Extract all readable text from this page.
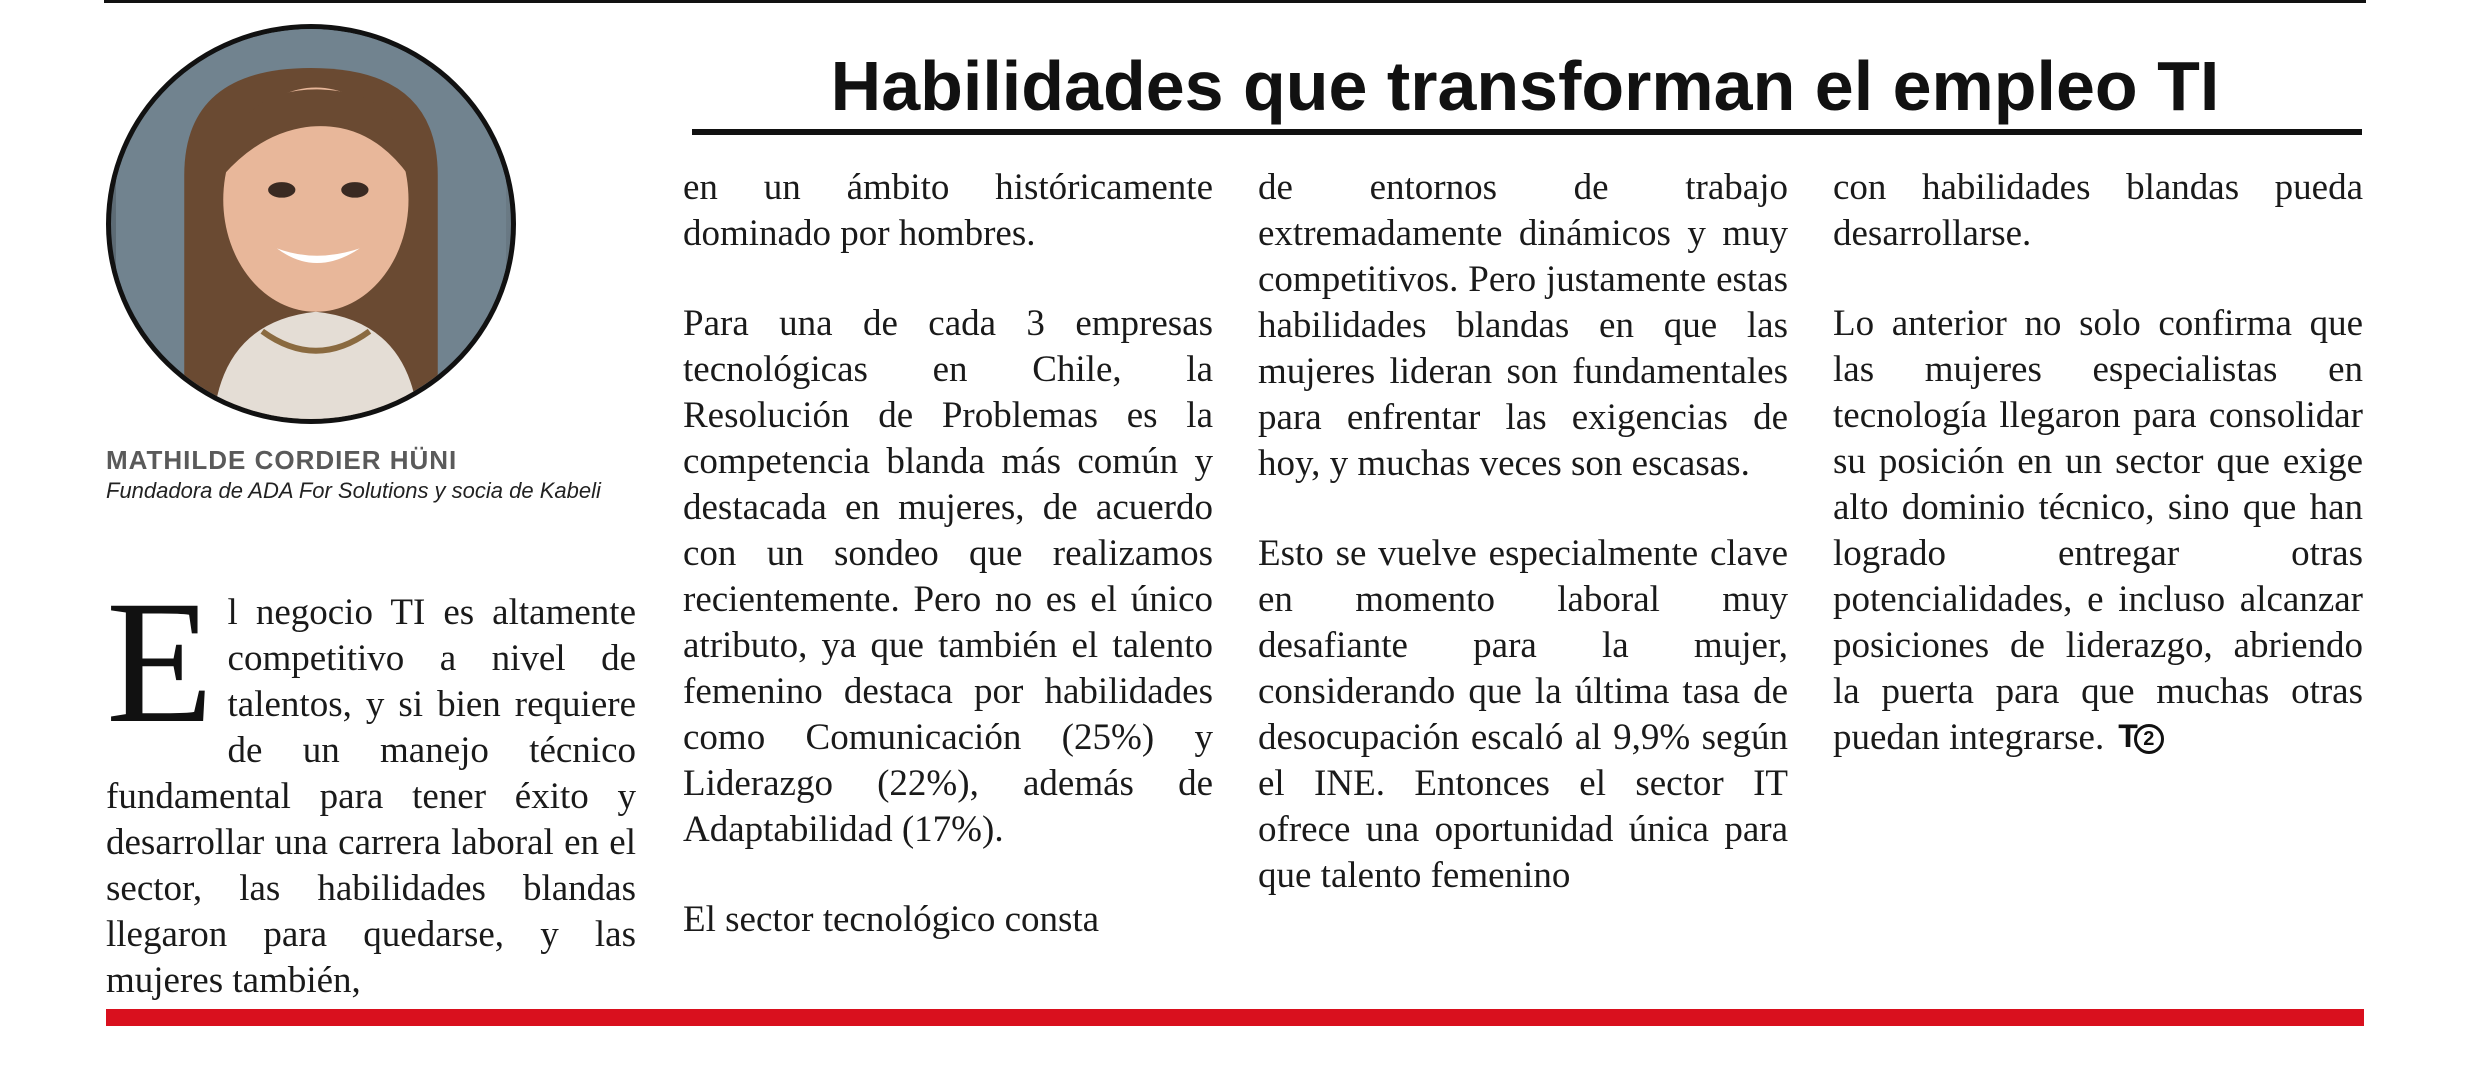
MATHILDE CORDIER HÜNI

Fundadora de ADA For Solutions y socia de Kabeli

Habilidades que transforman el empleo TI

El negocio TI es altamente competitivo a nivel de talentos, y si bien requiere de un manejo técnico fundamental para tener éxito y desarrollar una carrera laboral en el sector, las habilidades blandas llegaron para quedarse, y las mujeres también,

en un ámbito históricamente dominado por hombres.

Para una de cada 3 empresas tecnológicas en Chile, la Resolución de Problemas es la competencia blanda más común y destacada en mujeres, de acuerdo con un sondeo que realizamos recientemente. Pero no es el único atributo, ya que también el talento femenino destaca por habilidades como Comunicación (25%) y Liderazgo (22%), además de Adaptabilidad (17%).

El sector tecnológico consta

de entornos de trabajo extremadamente dinámicos y muy competitivos. Pero justamente estas habilidades blandas en que las mujeres lideran son fundamentales para enfrentar las exigencias de hoy, y muchas veces son escasas.

Esto se vuelve especialmente clave en momento laboral muy desafiante para la mujer, considerando que la última tasa de desocupación escaló al 9,9% según el INE. Entonces el sector IT ofrece una oportunidad única para que talento femenino

con habilidades blandas pueda desarrollarse.

Lo anterior no solo confirma que las mujeres especialistas en tecnología llegaron para consolidar su posición en un sector que exige alto dominio técnico, sino que han logrado entregar otras potencialidades, e incluso alcanzar posiciones de liderazgo, abriendo la puerta para que muchas otras puedan integrarse. T 2
